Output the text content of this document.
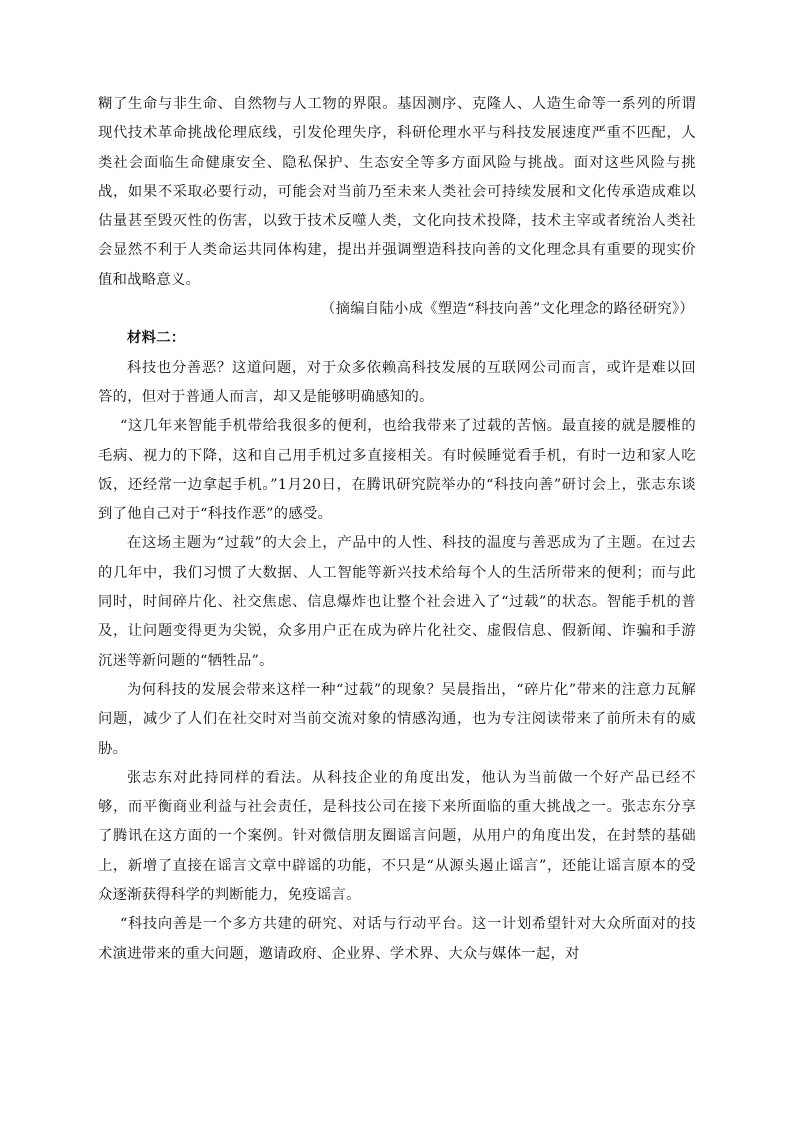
糊了生命与非生命、自然物与人工物的界限。基因测序、克隆人、人造生命等一系列的所谓现代技术革命挑战伦理底线，引发伦理失序，科研伦理水平与科技发展速度严重不匹配，人类社会面临生命健康安全、隐私保护、生态安全等多方面风险与挑战。面对这些风险与挑战，如果不采取必要行动，可能会对当前乃至未来人类社会可持续发展和文化传承造成难以估量甚至毁灭性的伤害，以致于技术反噬人类，文化向技术投降，技术主宰或者统治人类社会显然不利于人类命运共同体构建，提出并强调塑造科技向善的文化理念具有重要的现实价值和战略意义。

（摘编自陆小成《塑造“科技向善”文化理念的路径研究》）

材料二：

科技也分善恶？这道问题，对于众多依赖高科技发展的互联网公司而言，或许是难以回答的，但对于普通人而言，却又是能够明确感知的。

“这几年来智能手机带给我很多的便利，也给我带来了过载的苦恼。最直接的就是腰椎的毛病、视力的下降，这和自己用手机过多直接相关。有时候睡觉看手机，有时一边和家人吃饭，还经常一边拿起手机。”1月20日，在腾讯研究院举办的“科技向善”研讨会上，张志东谈到了他自己对于“科技作恶”的感受。

在这场主题为“过载”的大会上，产品中的人性、科技的温度与善恶成为了主题。在过去的几年中，我们习惯了大数据、人工智能等新兴技术给每个人的生活所带来的便利；而与此同时，时间碎片化、社交焦虑、信息爆炸也让整个社会进入了“过载”的状态。智能手机的普及，让问题变得更为尖锐，众多用户正在成为碎片化社交、虚假信息、假新闻、诈骗和手游沉迷等新问题的“牺牲品”。

为何科技的发展会带来这样一种“过载”的现象？吴晨指出，“碎片化”带来的注意力瓦解问题，减少了人们在社交时对当前交流对象的情感沟通，也为专注阅读带来了前所未有的威胁。

张志东对此持同样的看法。从科技企业的角度出发，他认为当前做一个好产品已经不够，而平衡商业利益与社会责任，是科技公司在接下来所面临的重大挑战之一。张志东分享了腾讯在这方面的一个案例。针对微信朋友圈谣言问题，从用户的角度出发，在封禁的基础上，新增了直接在谣言文章中辟谣的功能，不只是“从源头遏止谣言”，还能让谣言原本的受众逐渐获得科学的判断能力，免疫谣言。

“科技向善是一个多方共建的研究、对话与行动平台。这一计划希望针对大众所面对的技术演进带来的重大问题，邀请政府、企业界、学术界、大众与媒体一起，对
